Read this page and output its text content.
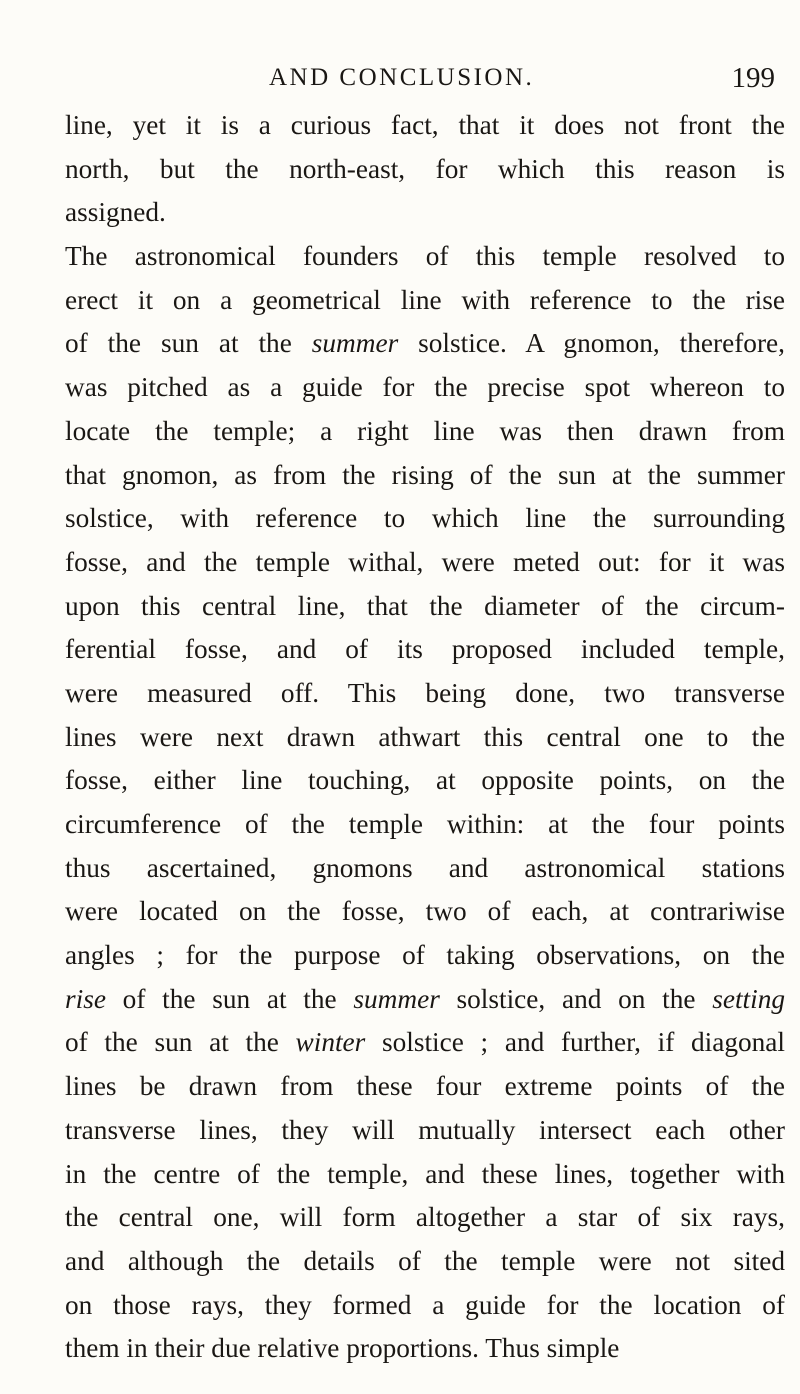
AND CONCLUSION.	199
line, yet it is a curious fact, that it does not front the
north, but the north-east, for which this reason is
assigned.
The astronomical founders of this temple resolved to
erect it on a geometrical line with reference to the rise
of the sun at the summer solstice. A gnomon, therefore,
was pitched as a guide for the precise spot whereon to
locate the temple; a right line was then drawn from
that gnomon, as from the rising of the sun at the summer
solstice, with reference to which line the surrounding
fosse, and the temple withal, were meted out: for it was
upon this central line, that the diameter of the circum-
ferential fosse, and of its proposed included temple,
were measured off. This being done, two transverse
lines were next drawn athwart this central one to the
fosse, either line touching, at opposite points, on the
circumference of the temple within: at the four points
thus ascertained, gnomons and astronomical stations
were located on the fosse, two of each, at contrariwise
angles ; for the purpose of taking observations, on the
rise of the sun at the summer solstice, and on the setting
of the sun at the winter solstice ; and further, if diagonal
lines be drawn from these four extreme points of the
transverse lines, they will mutually intersect each other
in the centre of the temple, and these lines, together with
the central one, will form altogether a star of six rays,
and although the details of the temple were not sited
on those rays, they formed a guide for the location of
them in their due relative proportions. Thus simple
